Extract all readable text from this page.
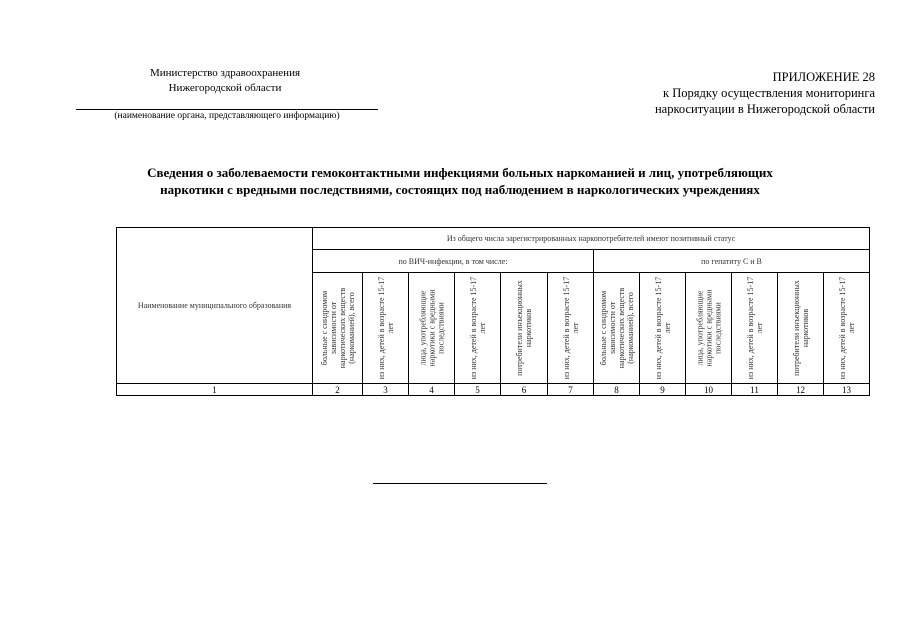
Министерство здравоохранения
Нижегородской области
(наименование органа, представляющего информацию)
ПРИЛОЖЕНИЕ 28
к Порядку осуществления мониторинга
наркоситуации в Нижегородской области
Сведения о заболеваемости гемоконтактными инфекциями больных наркоманией и лиц, употребляющих
наркотики с вредными последствиями, состоящих под наблюдением в наркологических учреждениях
Наименование муниципального образования	Из общего числа зарегистрированных наркопотребителей имеют позитивный статус											
	по ВИЧ-инфекции, в том числе:						по гепатиту С и В					

	больные с синдромом зависимости от наркотических веществ (наркоманией), всего	из них, детей в возрасте 15-17 лет	лица, употребляющие наркотики с вредными последствиями	из них, детей в возрасте 15-17 лет	потребители инъекционных наркотиков	из них, детей в возрасте 15-17 лет	больные с синдромом зависимости от наркотических веществ (наркоманией), всего	из них, детей в возрасте 15-17 лет	лица, употребляющие наркотики с вредными последствиями	из них, детей в возрасте 15-17 лет	потребители инъекционных наркотиков	из них, детей в возрасте 15-17 лет

1	2	3	4	5	6	7	8	9	10	11	12	13
